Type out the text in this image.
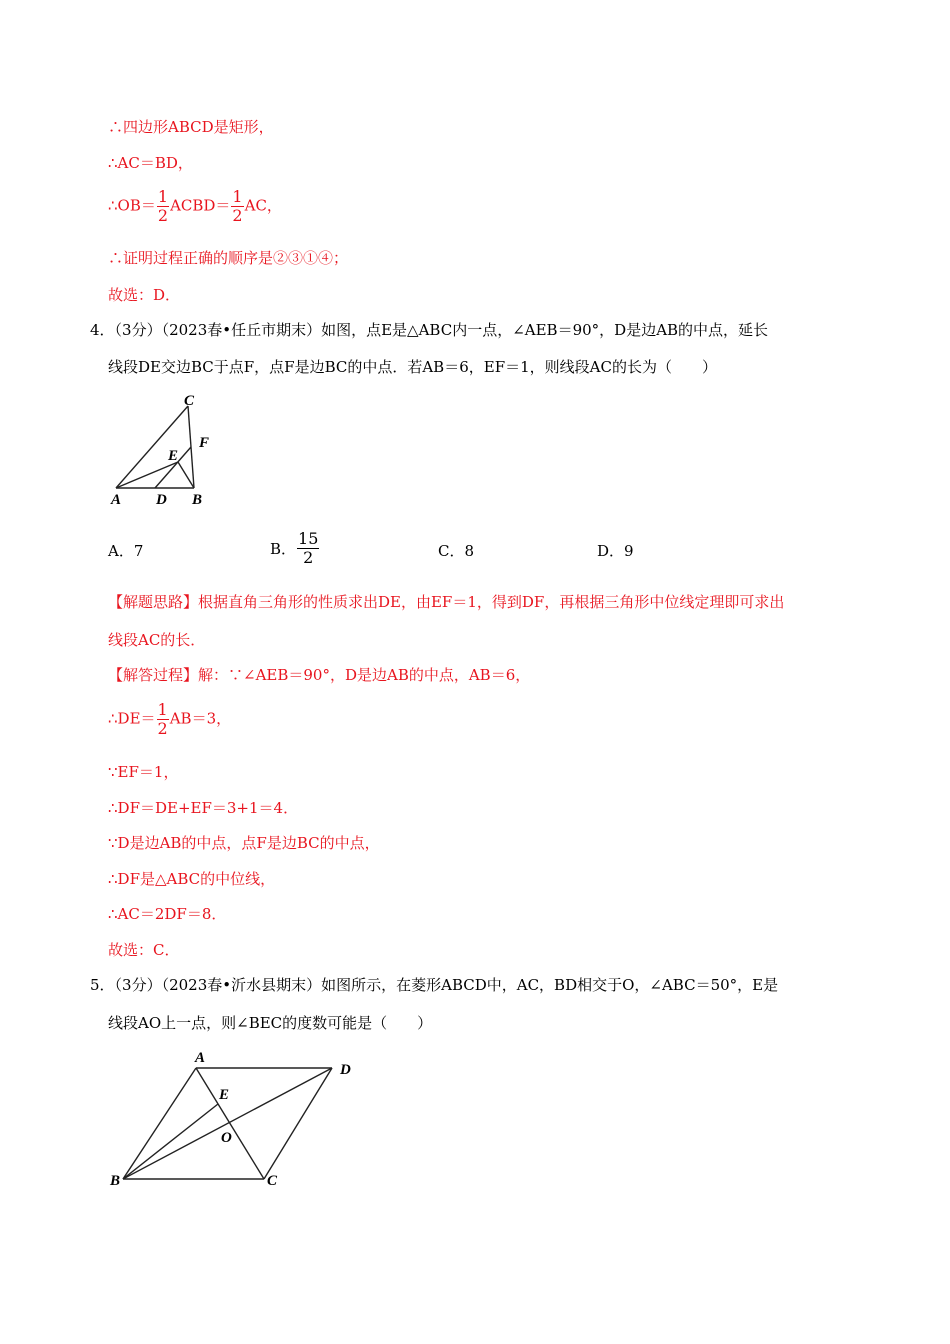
∴四边形ABCD是矩形，
∴AC＝BD，
∴OB＝ $\frac{1}{2}$ ACBD＝ $\frac{1}{2}$ AC，
∴证明过程正确的顺序是②③①④；
故选：D．
4．（3分）（2023春•任丘市期末）如图，点E是△ABC内一点，∠AEB＝90°，D是边AB的中点，延长
线段DE交边BC于点F，点F是边BC的中点．若AB＝6，EF＝1，则线段AC的长为（　　）
C
E
F
A D B
A．7	B． $\frac{15}{2}$	C．8	D．9
【解题思路】根据直角三角形的性质求出DE，由EF＝1，得到DF，再根据三角形中位线定理即可求出
线段AC的长．
【解答过程】解：∵∠AEB＝90°，D是边AB的中点，AB＝6，
∴DE＝ $\frac{1}{2} AB=3$，
∵EF＝1，
∴DF＝DE+EF＝3+1＝4．
∵D是边AB的中点，点F是边BC的中点，
∴DF是△ABC的中位线，
∴AC＝2DF＝8．
故选：C．
5．（3分）（2023春•沂水县期末）如图所示，在菱形ABCD中，AC，BD相交于O，∠ABC＝50°，E是
线段AO上一点，则∠BEC的度数可能是（　　）
A
D
E
O
B	C
